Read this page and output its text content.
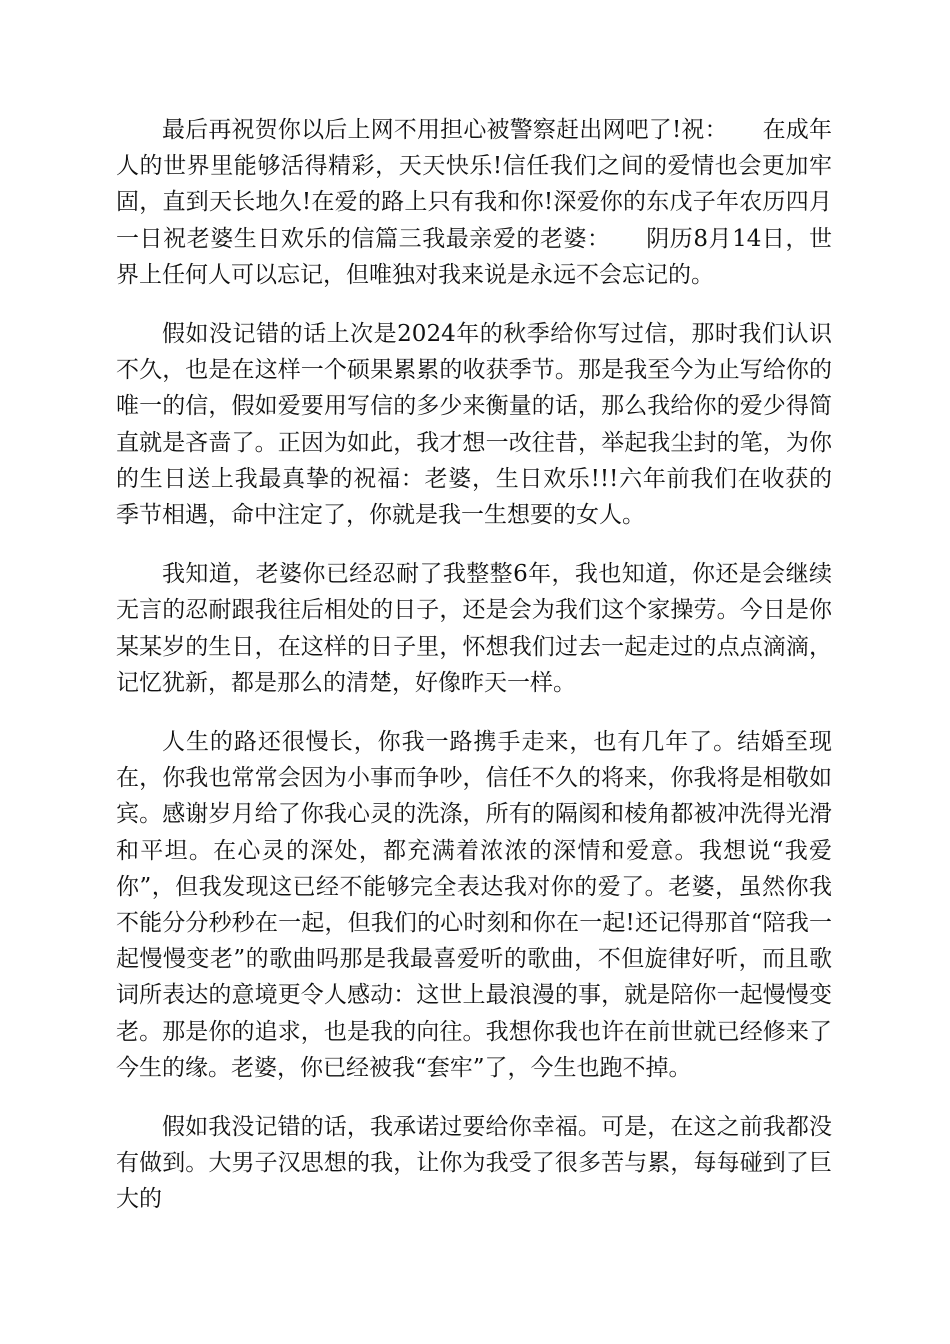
最后再祝贺你以后上网不用担心被警察赶出网吧了!祝：　　在成年人的世界里能够活得精彩，天天快乐!信任我们之间的爱情也会更加牢固，直到天长地久!在爱的路上只有我和你!深爱你的东戊子年农历四月一日祝老婆生日欢乐的信篇三我最亲爱的老婆：　　阴历8月14日，世界上任何人可以忘记，但唯独对我来说是永远不会忘记的。

假如没记错的话上次是2024年的秋季给你写过信，那时我们认识不久，也是在这样一个硕果累累的收获季节。那是我至今为止写给你的唯一的信，假如爱要用写信的多少来衡量的话，那么我给你的爱少得简直就是吝啬了。正因为如此，我才想一改往昔，举起我尘封的笔，为你的生日送上我最真挚的祝福：老婆，生日欢乐!!!六年前我们在收获的季节相遇，命中注定了，你就是我一生想要的女人。

我知道，老婆你已经忍耐了我整整6年，我也知道，你还是会继续无言的忍耐跟我往后相处的日子，还是会为我们这个家操劳。今日是你某某岁的生日，在这样的日子里，怀想我们过去一起走过的点点滴滴，记忆犹新，都是那么的清楚，好像昨天一样。

人生的路还很慢长，你我一路携手走来，也有几年了。结婚至现在，你我也常常会因为小事而争吵，信任不久的将来，你我将是相敬如宾。感谢岁月给了你我心灵的洗涤，所有的隔阂和棱角都被冲洗得光滑和平坦。在心灵的深处，都充满着浓浓的深情和爱意。我想说“我爱你”，但我发现这已经不能够完全表达我对你的爱了。老婆，虽然你我不能分分秒秒在一起，但我们的心时刻和你在一起!还记得那首“陪我一起慢慢变老”的歌曲吗那是我最喜爱听的歌曲，不但旋律好听，而且歌词所表达的意境更令人感动：这世上最浪漫的事，就是陪你一起慢慢变老。那是你的追求，也是我的向往。我想你我也许在前世就已经修来了今生的缘。老婆，你已经被我“套牢”了，今生也跑不掉。

假如我没记错的话，我承诺过要给你幸福。可是，在这之前我都没有做到。大男子汉思想的我，让你为我受了很多苦与累，每每碰到了巨大的
